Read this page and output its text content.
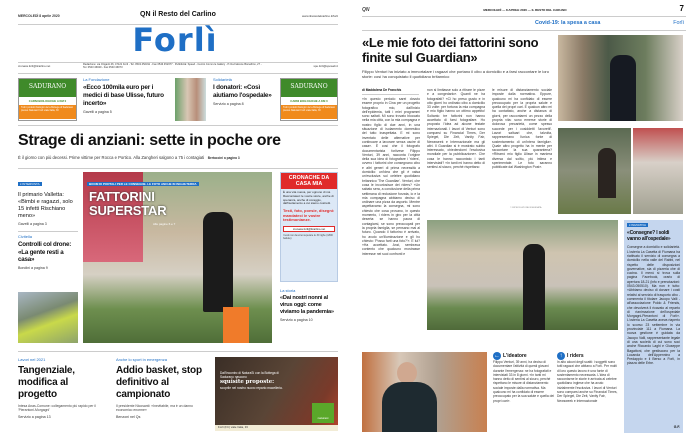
MERCOLEDÌ 8 aprile 2020	QN il Resto del Carlino	www.ilrestodelcarlino.it/forli
Forlì
cronaca.forli@ilcarlino.net	Redazione: via Origanti 46, 47121 Forlì - Tel. 0543 452311 - Fax 0543 452377 · Pubblicità: Speed - Centro Comm.le Gallery - P.zza Falcone Borsellino, 27 - Tel. 0543 46020 - Fax 0543 46073	spe.forli@speweb.it
SADURANO
CARNI BIOLOGICHE A KM 0
Tutti i prodotti biologici de la Bottega di Sadurano presso Naturasì Forlì viale Italia, 33
SADURANO
CARNI BIOLOGICHE A KM 0
Tutti i prodotti biologici de la Bottega di Sadurano presso Naturasì Forlì viale Italia, 33
La Fondazione
«Ecco 100mila euro per i medici di base Ulisse, futuro incerto»
Gavelli a pagina 5
Solidarietà
I donatori: «Così aiutiamo l'ospedale»
Servizio a pagina 8
Strage di anziani: sette in poche ore
È il giorno con più decessi. Prime vittime per Rocca e Portico. Alla Zangheri salgono a 75 i contagiati Bertaccini a pagina 3
L'INTERVISTA
Il primario Valletta: «Bimbi e ragazzi, solo 15 infetti Rischiano meno»
Gavelli a pagina 3
Civitella
Controlli col drone: «La gente resti a casa»
Bondini a pagina 9
BOOM DI PORTALI PER LE CONSEGNE. LE FOTO ANCHE IN INGHILTERRA
FATTORINI
SUPERSTAR
Alle pagine 6 e 7
CRONACHE DA CASA MIA
È una vita nuova, per ognuno di noi. Raccontateci le vostre storie, anche di speranza, anche di coraggio, dall'isolamento a cui siamo costretti.
Testi, foto, poesie, disegni: mandateci le vostre testimonianze.
cronaca.forli@ilcarlino.net
I testi non devono superare le 30 righe (1800 battute)
La storia
«Dai nostri nonni al virus oggi: come viviamo la pandemia»
Servizio a pagina 10
Lavori nel 2021
Tangenziale, modifica al progetto
Intesa Anas-Comune: collegamento più rapido per il 'Pierantoni-Morgagni'
Servizio a pagina 13
Anche lo sport in emergenza
Addio basket, stop definitivo al campionato
Il presidente Nicosanti: «Inevitabile, ma è un danno economico enorme»
Benzoni nel Qs
Dall'incontro di NaturaSì con la Bottega di Sadurano nascono
squisite proposte:
scoprile nel nostro nuovo reparto macelleria.
Forlì (FC) viale Italia, 33
naturasì
QN	MERCOLEDÌ — 8 APRILE 2020 — IL RESTO DEL CARLINO	7
Covid-19: la spesa a casa	Forlì
«Le mie foto dei fattorini sono finite sul Guardian»
Filippo Venturi ha iniziato a immortalare i ragazzi che portano il cibo a domicilio e a farsi raccontare le loro storie: così ha conquistato il quotidiano britannico
di Maddalena De Franchis
«In questo periodo sarei dovuto essere proprio in Cina per un progetto fotografico mio, dall'inizio dell'epidemia, tutti i miei programmi sono saltati. Mi sono trovato bloccato nella mia città, con la mia compagna e nostro figlio di due anni, in una situazione di isolamento domestico del tutto inaspettata. E mi sono inventato delle alternative per continuare a lavorare senza uscire di casa». È così che il fotografo documentarista forlivese Filippo Venturi, 39 anni, racconta l'origine della sua idea di fotografare i 'riders', ovvero i fattorini che consegnano cibo e altri generi di prima necessità a domicilio: un'idea che gli è valsa un'esclusiva sul celebre quotidiano britannico 'The Guardian'. Venturi, che cosa le incuriosisce dei riders? «Un sabato sera, a conclusione della prima settimana di reclusione forzata, io e la mia compagna abbiamo deciso di ordinare una pizza da asporto. Mentre aspettavamo la consegna, mi sono chiesto che cosa provano, in questo momento, i riders in giro per la città deserta: se hanno paura di contagiarsi, se sono preoccupati per la propria famiglia, se pensano mai al futuro. Quando il fattorino è arrivato, ho avuto un'illuminazione e gli ho chiesto: 'Posso farti una foto?'». E lui? «Ha accettato. Anzi, sembrava contento che qualcuno mostrasse interesse nei suoi confronti e
non si limitasse solo a ritirare le pizze e a congedarlo». Quanti ne ha fotografati? «Ci ho preso gusto e in otto giorni ho ordinato cibo a domicilio 33 volte: per fortuna la mia compagna e mio figlio hanno un ottimo appetito! Soltanto tre fattorini non hanno accettato di farsi fotografare. Ho proposto l'idea ad alcune testate internazionali. I lavori di Venturi sono comparsi su Financial Times, Der Spiegel, Die Zeit, Vanity Fair, Newsweek e Internazionale ma gli altri. Il Guardian si è mostrato subito interessato, chiedendomi l'esclusiva mondiale per la pubblicazione». Che cosa le hanno raccontato i tanti intervistati? «In tanti mi hanno detto di sentirsi al sicuro, perché rispettano
le misure di distanziamento sociale imposte dalla normativa. Eppure, qualcuno mi ha confidato di essere preoccupato per la propria salute e quella dei propri cari. E qualcun altro mi ha contattato, anche a distanza di giorni, per raccontarmi un pezzo della propria vita: sono emerse storie di dolorosa precarietà, come spesso succede per i cosiddetti 'lavoretti'. Lavori saltuari che, talvolta, rappresentano l'unica fonte di sostentamento di un'intera famiglia». Quale altro progetto ha in mente per raccontare la sua quarantena? «Ritrarrò mio figlio Ulisse in maniera diversa dal solito, più intima e sperimentale. Le foto saranno pubblicate dal Washington Post».
© RIPRODUZIONE RISERVATA
L'INIZIATIVA
«Consegne? I soldi vanno all'ospedale»
Consegne a domicilio e solidarietà. L'osteria La Casetta di Fiumana ha riattivato il servizio di consegna a domicilio nella valle del Rabbi, nel rispetto delle disposizioni governative, sia di pizzeria che di cucina. Il menù si trova sulla pagina Facebook, orario di apertura 18-21 (info e prenotazioni: 0543.050510). Ma non è tutto: «Abbiamo deciso di donare i costi relativi al servizio di trasporto cibo - commenta il titolare Jacopo Valli - all'associazione Poldo & Friends, che devolverà il ricavato al reparto di rianimazione dell'ospedale Morgagni-Pierantoni di Forlì». L'osteria La Casetta aveva riaperto lo scorso 23 settembre in via provinciale 111 a Fiumana. La nuova gestione è guidata da Jacopo Valli, rappresentante legale di una società di cui sono soci anche Riccardo Laghi e Giuseppe Bagattoni, che gestiscono per la Locanda dell'Appennino a Predappio e il Berso a Forlì, in piazza delle Erbe.
G.F.
← L'ideatore
Filippo Venturi, 39 anni, ha deciso di documentare l'attività di questi giovani durante l'emergenza: ne ha fotografati e intervistati 33 in 8 giorni. «In tanti mi hanno detto di sentirsi al sicuro, perché rispettano le misure di distanziamento sociale imposte dalla normativa. Ma qualcuno mi ha confidato di essere preoccupato per la sua salute e quella dei propri cari».
↑ I riders
In alto alcuni degli scatti: i soggetti sono tutti ragazzi che abitano a Forlì. Per molti di loro questo lavoro è una fonte di sostentamento necessaria. L'idea di raccontarne le storie è arrivata al celebre quotidiano inglese che ha avuto inizialmente l'esclusiva. I lavori di Venturi sono comparsi anche su Financial Times, Der Spiegel, Die Zeit, Vanity Fair, Newsweek e Internazionale
